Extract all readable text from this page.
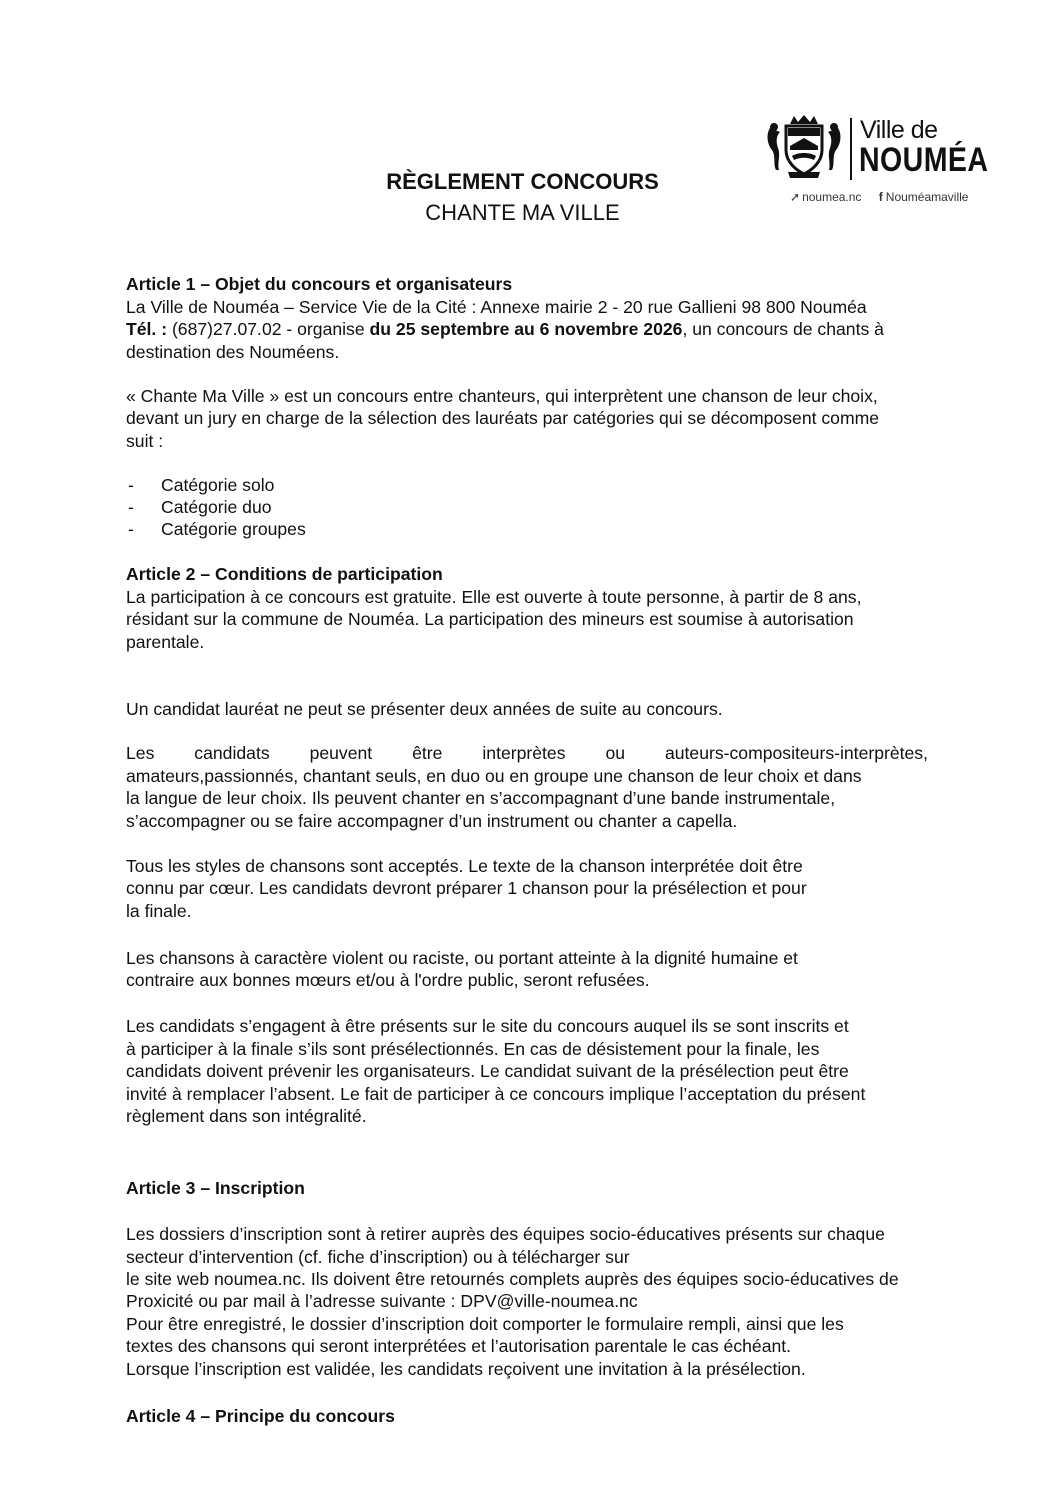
Ville de
NOUMÉA
➚ noumea.nc f Nouméamaville
RÈGLEMENT CONCOURS
CHANTE MA VILLE
Article 1 – Objet du concours et organisateurs
La Ville de Nouméa – Service Vie de la Cité : Annexe mairie 2 - 20 rue Gallieni 98 800 Nouméa
Tél. : (687)27.07.02 - organise du 25 septembre au 6 novembre 2026, un concours de chants à
destination des Nouméens.
« Chante Ma Ville » est un concours entre chanteurs, qui interprètent une chanson de leur choix,
devant un jury en charge de la sélection des lauréats par catégories qui se décomposent comme
suit :
- Catégorie solo
- Catégorie duo
- Catégorie groupes
Article 2 – Conditions de participation
La participation à ce concours est gratuite. Elle est ouverte à toute personne, à partir de 8 ans,
résidant sur la commune de Nouméa. La participation des mineurs est soumise à autorisation
parentale.
Un candidat lauréat ne peut se présenter deux années de suite au concours.
Les candidats peuvent être interprètes ou auteurs-compositeurs-interprètes,
amateurs,passionnés, chantant seuls, en duo ou en groupe une chanson de leur choix et dans
la langue de leur choix. Ils peuvent chanter en s’accompagnant d’une bande instrumentale,
s’accompagner ou se faire accompagner d’un instrument ou chanter a capella.
Tous les styles de chansons sont acceptés. Le texte de la chanson interprétée doit être
connu par cœur. Les candidats devront préparer 1 chanson pour la présélection et pour
la finale.
Les chansons à caractère violent ou raciste, ou portant atteinte à la dignité humaine et
contraire aux bonnes mœurs et/ou à l'ordre public, seront refusées.
Les candidats s’engagent à être présents sur le site du concours auquel ils se sont inscrits et
à participer à la finale s’ils sont présélectionnés. En cas de désistement pour la finale, les
candidats doivent prévenir les organisateurs. Le candidat suivant de la présélection peut être
invité à remplacer l’absent. Le fait de participer à ce concours implique l’acceptation du présent
règlement dans son intégralité.
Article 3 – Inscription
Les dossiers d’inscription sont à retirer auprès des équipes socio-éducatives présents sur chaque
secteur d’intervention (cf. fiche d’inscription) ou à télécharger sur
le site web noumea.nc. Ils doivent être retournés complets auprès des équipes socio-éducatives de
Proxicité ou par mail à l’adresse suivante : DPV@ville-noumea.nc
Pour être enregistré, le dossier d’inscription doit comporter le formulaire rempli, ainsi que les
textes des chansons qui seront interprétées et l’autorisation parentale le cas échéant.
Lorsque l’inscription est validée, les candidats reçoivent une invitation à la présélection.
Article 4 – Principe du concours
